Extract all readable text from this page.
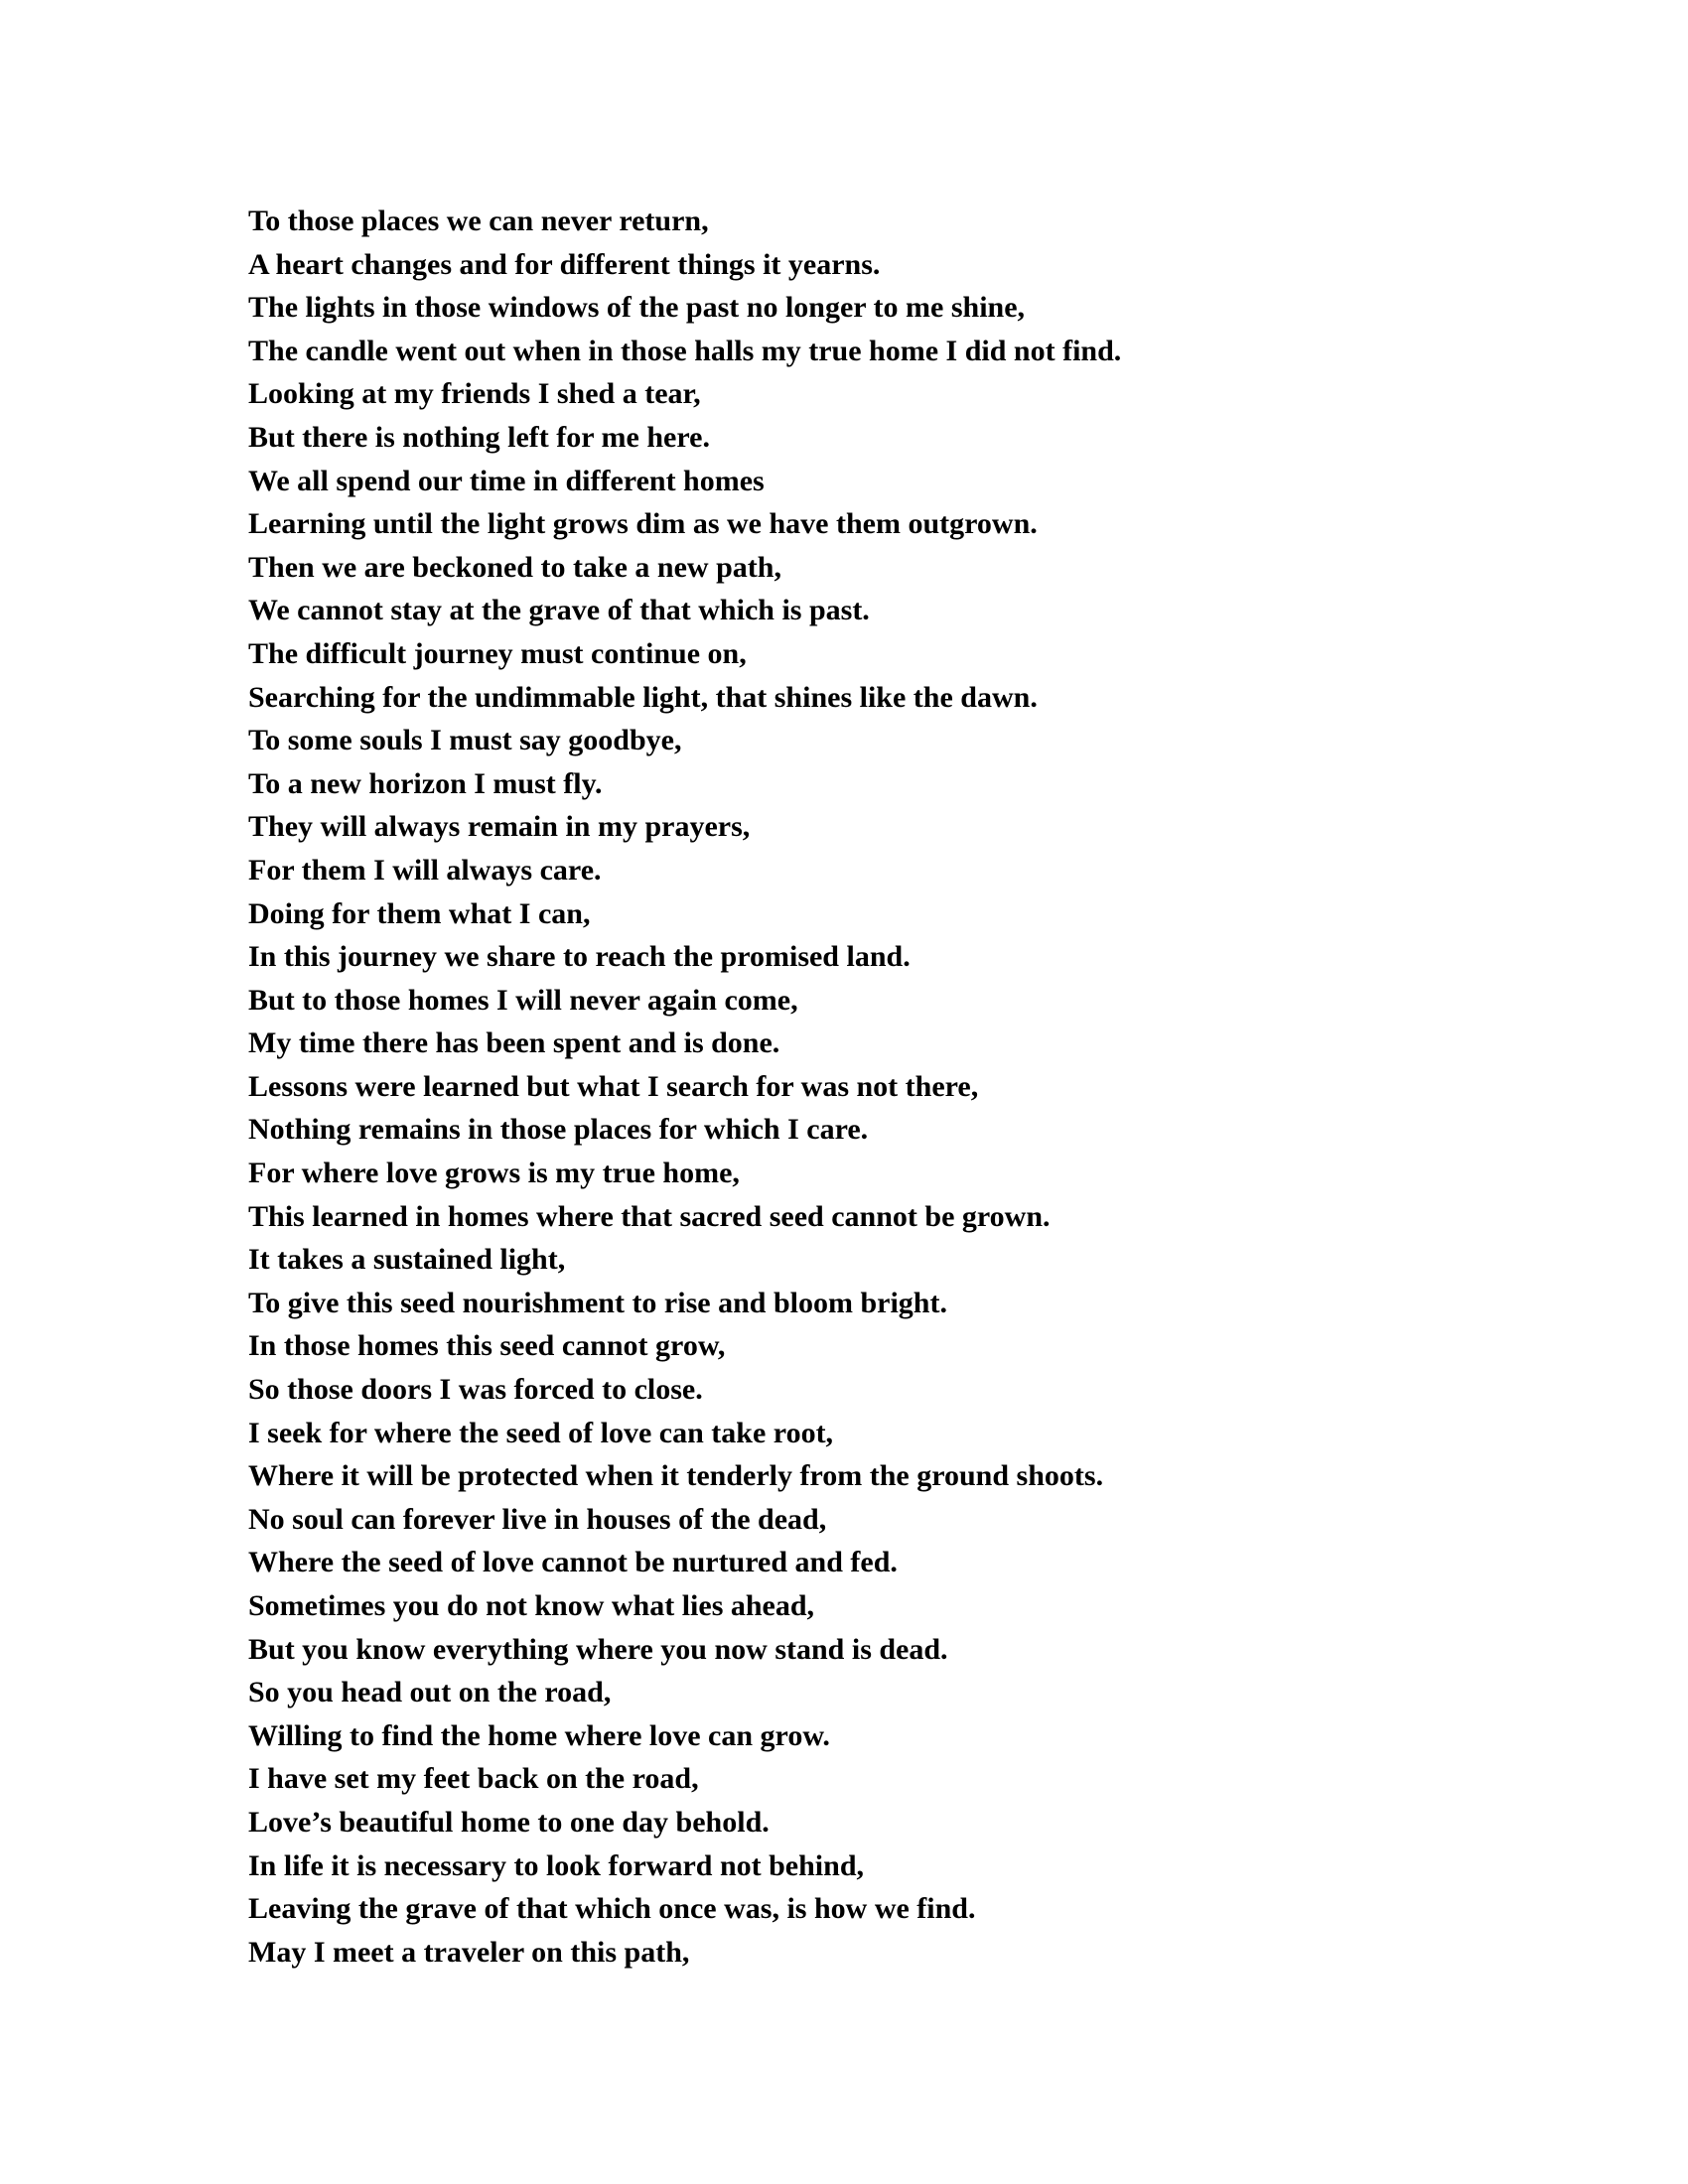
To those places we can never return,

A heart changes and for different things it yearns.

The lights in those windows of the past no longer to me shine,

The candle went out when in those halls my true home I did not find.

Looking at my friends I shed a tear,

But there is nothing left for me here.

We all spend our time in different homes

Learning until the light grows dim as we have them outgrown.

Then we are beckoned to take a new path,

We cannot stay at the grave of that which is past.

The difficult journey must continue on,

Searching for the undimmable light, that shines like the dawn.

To some souls I must say goodbye,

To a new horizon I must fly.

They will always remain in my prayers,

For them I will always care.

Doing for them what I can,

In this journey we share to reach the promised land.

But to those homes I will never again come,

My time there has been spent and is done.

Lessons were learned but what I search for was not there,

Nothing remains in those places for which I care.

For where love grows is my true home,

This learned in homes where that sacred seed cannot be grown.

It takes a sustained light,

To give this seed nourishment to rise and bloom bright.

In those homes this seed cannot grow,

So those doors I was forced to close.

I seek for where the seed of love can take root,

Where it will be protected when it tenderly from the ground shoots.

No soul can forever live in houses of the dead,

Where the seed of love cannot be nurtured and fed.

Sometimes you do not know what lies ahead,

But you know everything where you now stand is dead.

So you head out on the road,

Willing to find the home where love can grow.

I have set my feet back on the road,

Love’s beautiful home to one day behold.

In life it is necessary to look forward not behind,

Leaving the grave of that which once was, is how we find.

May I meet a traveler on this path,
